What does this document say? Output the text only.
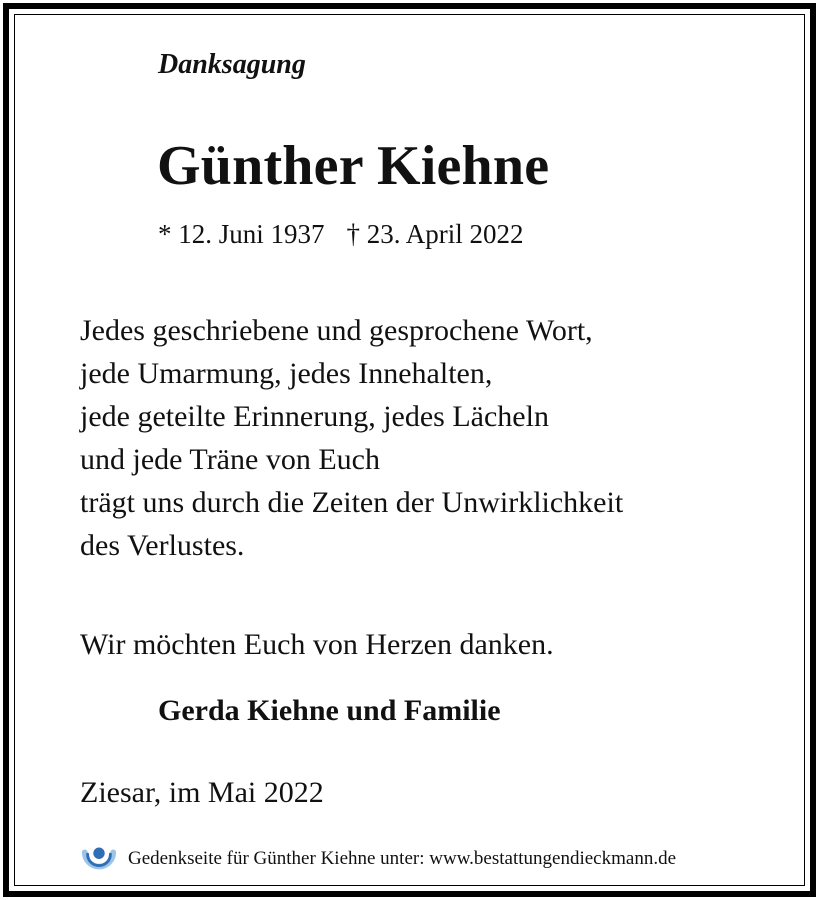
Danksagung
Günther Kiehne
* 12. Juni 1937 † 23. April 2022
Jedes geschriebene und gesprochene Wort,
jede Umarmung, jedes Innehalten,
jede geteilte Erinnerung, jedes Lächeln
und jede Träne von Euch
trägt uns durch die Zeiten der Unwirklichkeit
des Verlustes.

Wir möchten Euch von Herzen danken.

Gerda Kiehne und Familie

Ziesar, im Mai 2022

Gedenkseite für Günther Kiehne unter: www.bestattungendieckmann.de
